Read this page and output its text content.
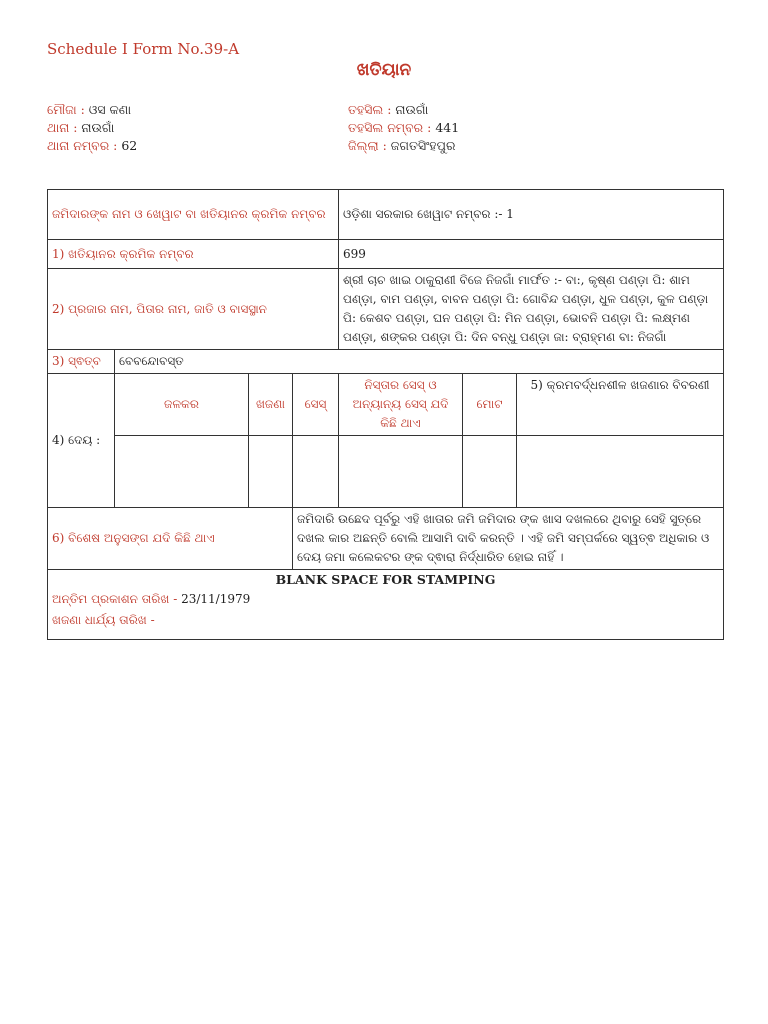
Schedule I Form No.39-A
ଖତିୟାନ
ମୌଜା : ଓସ କଣା
ଥାନା : ନାଉଗାଁ
ଥାନା ନମ୍ବର : 62
ତହସିଲ : ନାଉଗାଁ
ତହସିଲ ନମ୍ବର : 441
ଜିଲ୍ଲା : ଜଗତସିଂହପୁର
ଜମିଦାରଙ୍କ ନାମ ଓ ଖେୱାଟ ବା ଖତିୟାନର କ୍ରମିକ ନମ୍ବର				ଓଡ଼ିଶା ସରକାର ଖେୱାଟ ନମ୍ବର :- 1		
1) ଖତିୟାନର କ୍ରମିକ ନମ୍ବର				699		
2) ପ୍ରଜାର ନାମ, ପିତାର ନାମ, ଜାତି ଓ ବାସସ୍ଥାନ				ଶ୍ରୀ ଚାଚ ଖାଇ ଠାକୁରାଣୀ ବିଜେ ନିଜଗାଁ ମାର୍ଫତ :- ବା:, କୃଷ୍ଣ ପଣ୍ଡ଼ା ପି: ଶାମ ପଣ୍ଡ଼ା, ବାମ ପଣ୍ଡ଼ା, ବାବନ ପଣ୍ଡ଼ା ପି: ଗୋବିନ୍ଦ ପଣ୍ଡ଼ା, ଧୁଳ ପଣ୍ଡ଼ା, କୁଳ ପଣ୍ଡ଼ା ପି: କେଶବ ପଣ୍ଡ଼ା, ଘନ ପଣ୍ଡ଼ା ପି: ମିନ ପଣ୍ଡ଼ା, ଭୋବନି ପଣ୍ଡ଼ା ପି: ଲକ୍ଷ୍ମଣ ପଣ୍ଡ଼ା, ଶଙ୍କର ପଣ୍ଡ଼ା ପି: ଦିନ ବନ୍ଧୁ ପଣ୍ଡ଼ା ଜା: ବ୍ରାହ୍ମଣ ବା: ନିଜଗାଁ		
3) ସ୍ଵତ୍ବ	ବେବନ୍ଦୋବସ୍ତ					
4) ଦେୟ :	ଜଳକର	ଖଜଣା	ସେସ୍	ନିସ୍ତାର ସେସ୍ ଓ ଅନ୍ୟାନ୍ୟ ସେସ୍ ଯଦି କିଛି ଥାଏ	ମୋଟ	5) କ୍ରମବର୍ଦ୍ଧନଶୀଳ ଖଜଣାର ବିବରଣୀ

6) ବିଶେଷ ଅନୁସଙ୍ଗ ଯଦି କିଛି ଥାଏ			ଜମିଦାରି ଉଛେଦ ପୂର୍ବରୁ ଏହି ଖାତାର ଜମି ଜମିଦାର ଙ୍କ ଖାସ ଦଖଲରେ ଥିବାରୁ ସେହି ସୁତ୍ରେ ଦଖଲ କାର ଅଛନ୍ତି ବୋଲି ଆସାମି ଦାବି କରନ୍ତି । ଏହି ଜମି ସମ୍ପର୍କରେ ସ୍ୱତ୍ଵ ଅଧିକାର ଓ ଦେୟ ଜମା କଲେକଟର ଙ୍କ ଦ୍ଵାରା ନିର୍ଦ୍ଧାରିତ ହୋଇ ନାହିଁ ।			

BLANK SPACE FOR STAMPING
ଅନ୍ତିମ ପ୍ରକାଶନ ତାରିଖ - 23/11/1979
ଖଜଣା ଧାର୍ଯ୍ୟ ତାରିଖ -						
